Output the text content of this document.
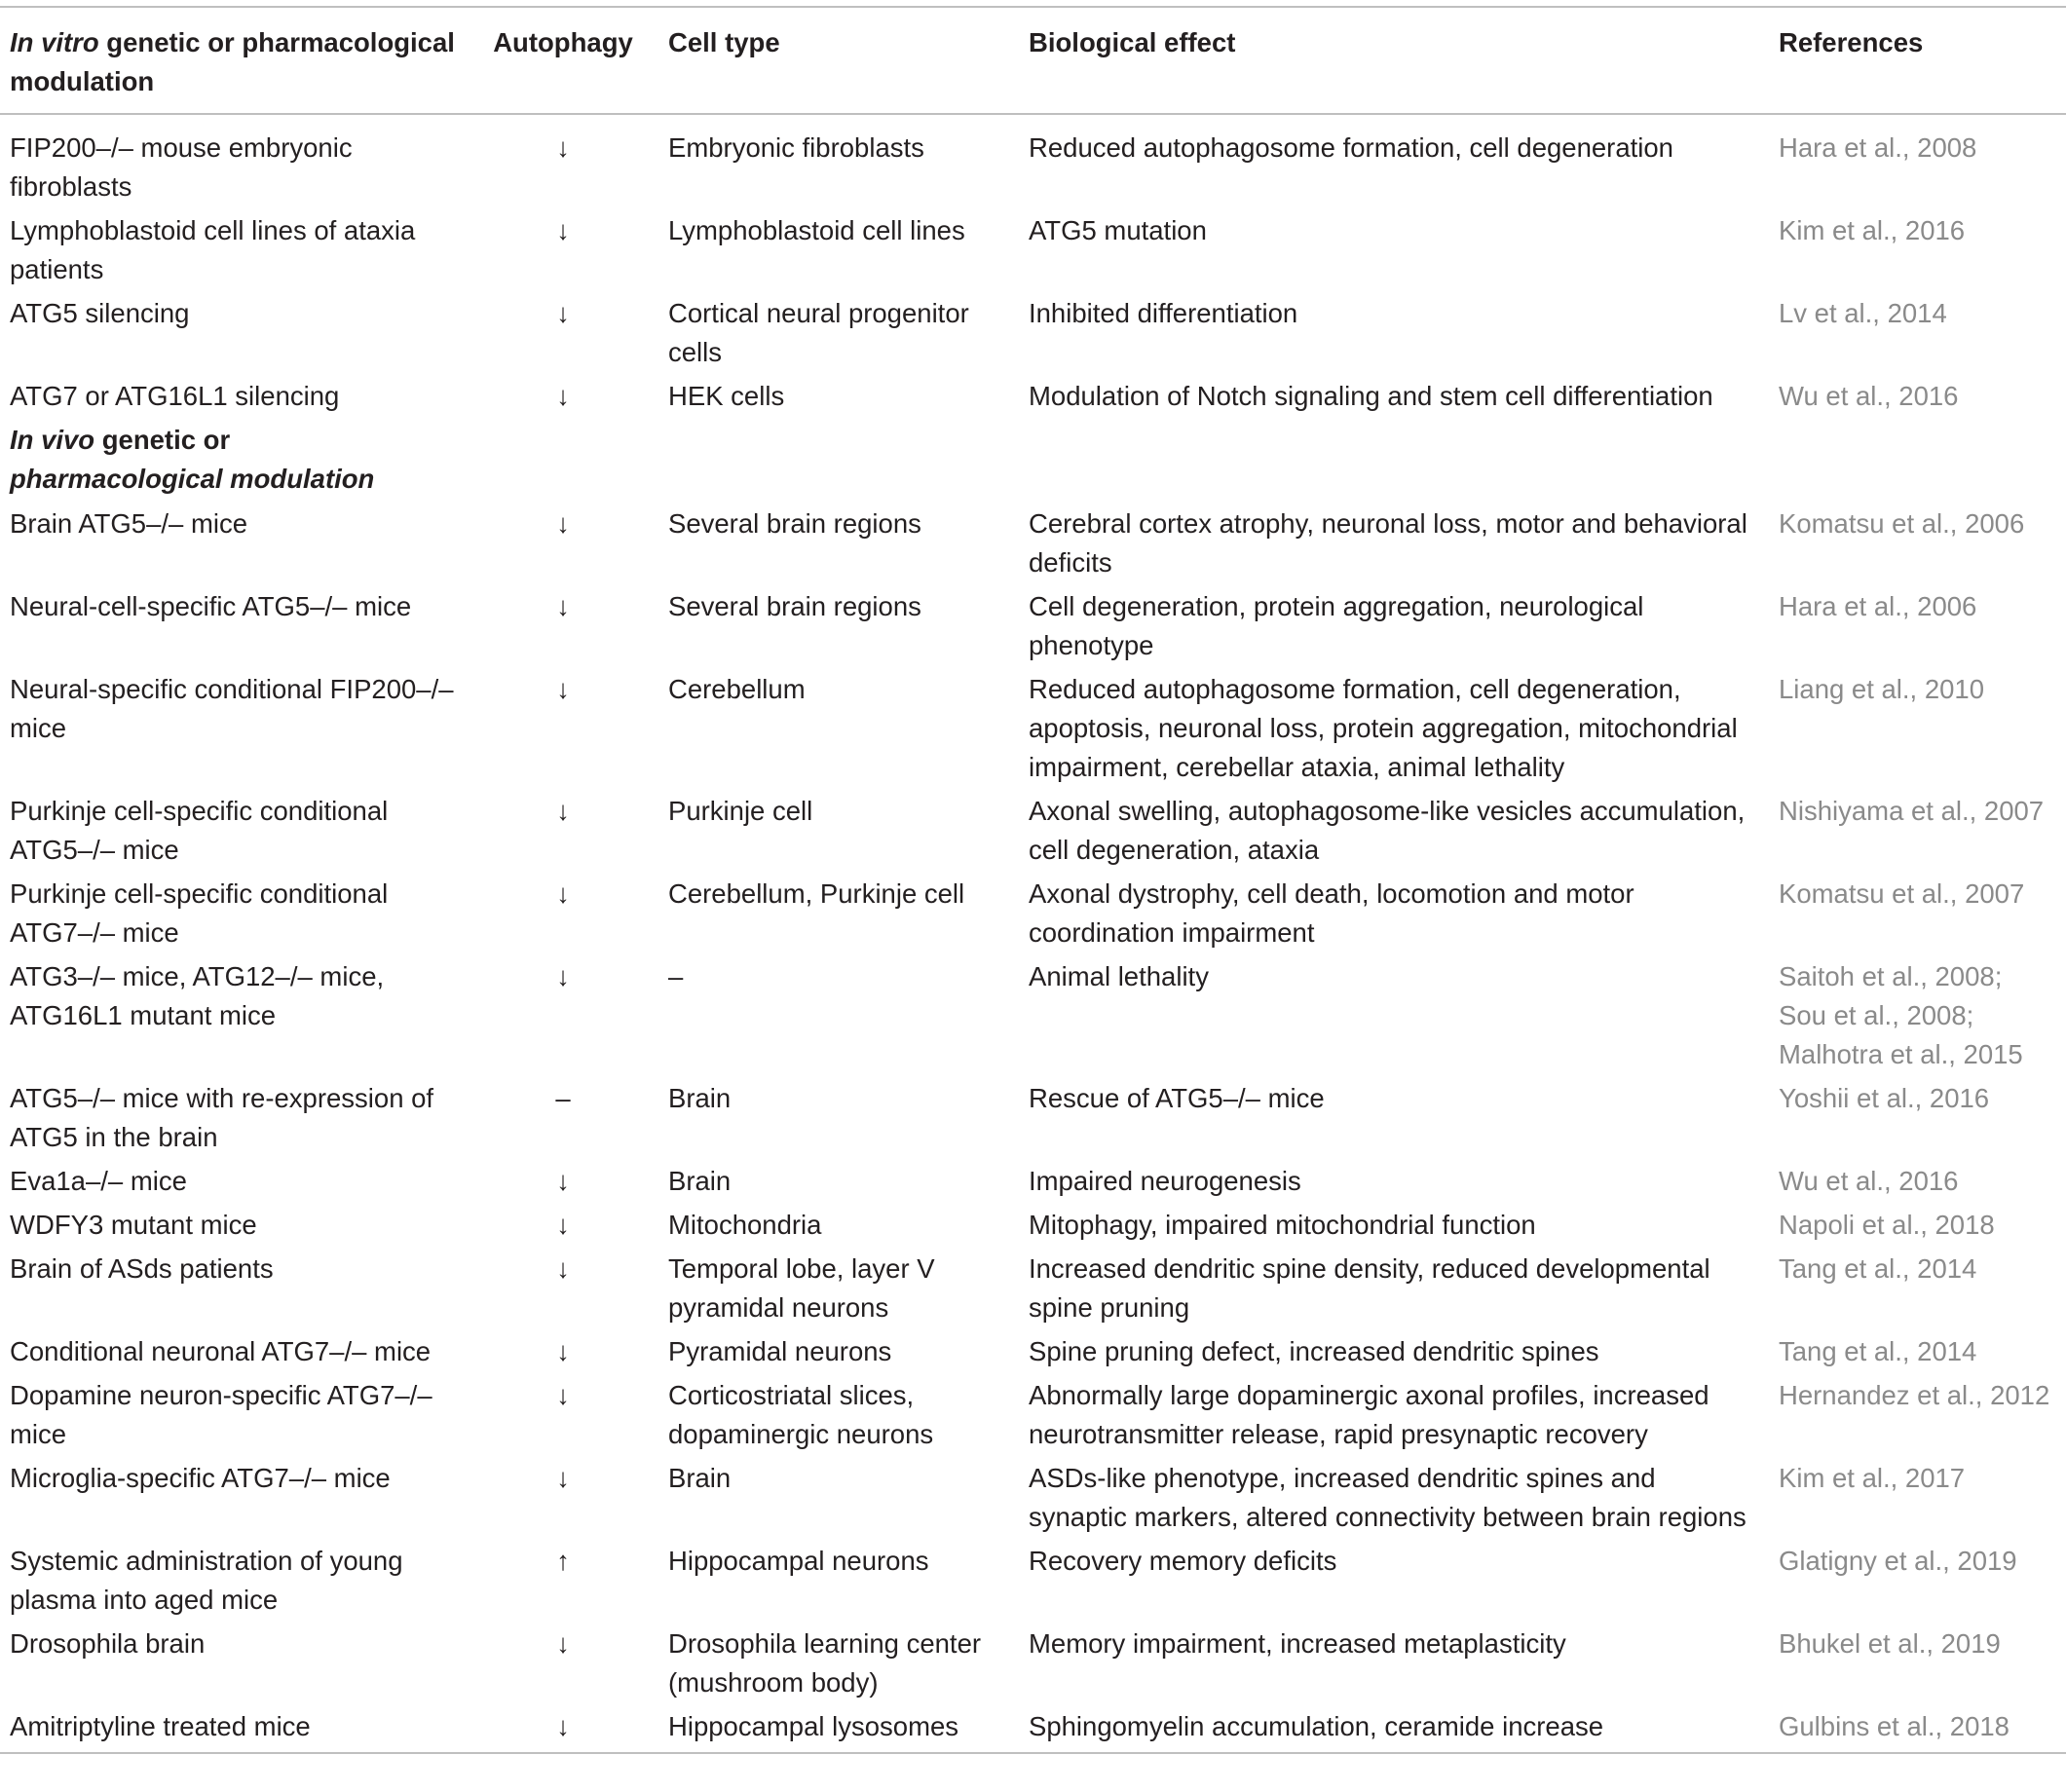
In vitro genetic or pharmacological modulation	Autophagy	Cell type	Biological effect	References
FIP200–/– mouse embryonic fibroblasts	↓	Embryonic fibroblasts	Reduced autophagosome formation, cell degeneration	Hara et al., 2008
Lymphoblastoid cell lines of ataxia patients	↓	Lymphoblastoid cell lines	ATG5 mutation	Kim et al., 2016
ATG5 silencing	↓	Cortical neural progenitor cells	Inhibited differentiation	Lv et al., 2014
ATG7 or ATG16L1 silencing	↓	HEK cells	Modulation of Notch signaling and stem cell differentiation	Wu et al., 2016
In vivo genetic or
pharmacological modulation				
Brain ATG5–/– mice	↓	Several brain regions	Cerebral cortex atrophy, neuronal loss, motor and behavioral deficits	Komatsu et al., 2006
Neural-cell-specific ATG5–/– mice	↓	Several brain regions	Cell degeneration, protein aggregation, neurological phenotype	Hara et al., 2006
Neural-specific conditional FIP200–/– mice	↓	Cerebellum	Reduced autophagosome formation, cell degeneration, apoptosis, neuronal loss, protein aggregation, mitochondrial impairment, cerebellar ataxia, animal lethality	Liang et al., 2010
Purkinje cell-specific conditional ATG5–/– mice	↓	Purkinje cell	Axonal swelling, autophagosome-like vesicles accumulation, cell degeneration, ataxia	Nishiyama et al., 2007
Purkinje cell-specific conditional ATG7–/– mice	↓	Cerebellum, Purkinje cell	Axonal dystrophy, cell death, locomotion and motor coordination impairment	Komatsu et al., 2007
ATG3–/– mice, ATG12–/– mice, ATG16L1 mutant mice	↓	–	Animal lethality	Saitoh et al., 2008; Sou et al., 2008; Malhotra et al., 2015
ATG5–/– mice with re-expression of ATG5 in the brain	–	Brain	Rescue of ATG5–/– mice	Yoshii et al., 2016
Eva1a–/– mice	↓	Brain	Impaired neurogenesis	Wu et al., 2016
WDFY3 mutant mice	↓	Mitochondria	Mitophagy, impaired mitochondrial function	Napoli et al., 2018
Brain of ASds patients	↓	Temporal lobe, layer V pyramidal neurons	Increased dendritic spine density, reduced developmental spine pruning	Tang et al., 2014
Conditional neuronal ATG7–/– mice	↓	Pyramidal neurons	Spine pruning defect, increased dendritic spines	Tang et al., 2014
Dopamine neuron-specific ATG7–/– mice	↓	Corticostriatal slices, dopaminergic neurons	Abnormally large dopaminergic axonal profiles, increased neurotransmitter release, rapid presynaptic recovery	Hernandez et al., 2012
Microglia-specific ATG7–/– mice	↓	Brain	ASDs-like phenotype, increased dendritic spines and synaptic markers, altered connectivity between brain regions	Kim et al., 2017
Systemic administration of young plasma into aged mice	↑	Hippocampal neurons	Recovery memory deficits	Glatigny et al., 2019
Drosophila brain	↓	Drosophila learning center (mushroom body)	Memory impairment, increased metaplasticity	Bhukel et al., 2019
Amitriptyline treated mice	↓	Hippocampal lysosomes	Sphingomyelin accumulation, ceramide increase	Gulbins et al., 2018
